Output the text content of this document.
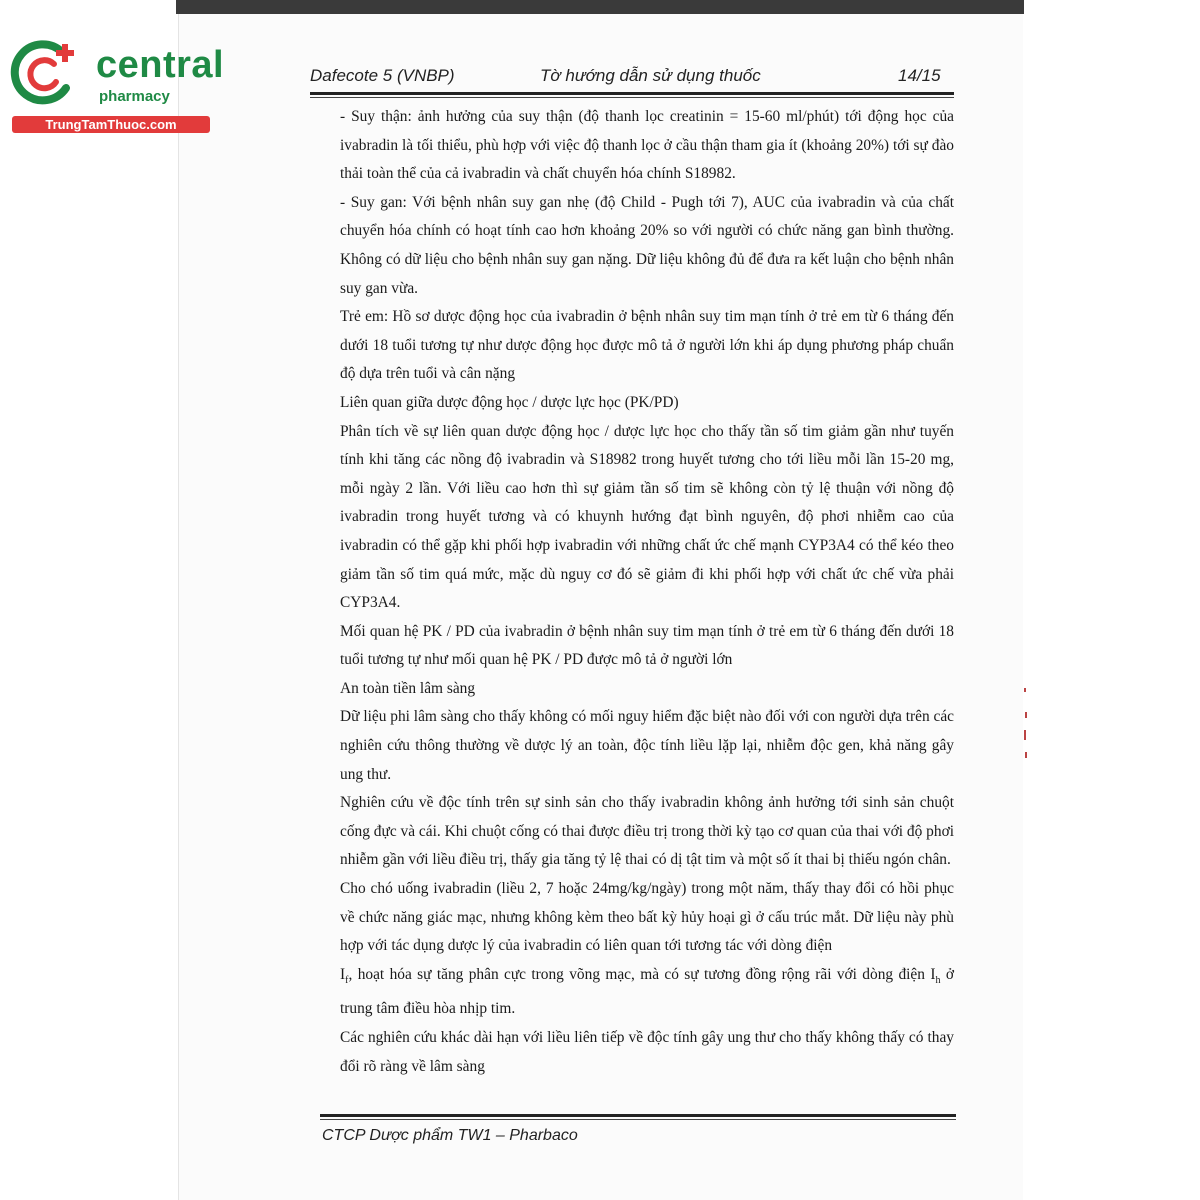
central
pharmacy
TrungTamThuoc.com
Dafecote 5 (VNBP)	Tờ hướng dẫn sử dụng thuốc	14/15

- Suy thận: ảnh hưởng của suy thận (độ thanh lọc creatinin = 15-60 ml/phút) tới động học của ivabradin là tối thiểu, phù hợp với việc độ thanh lọc ở cầu thận tham gia ít (khoảng 20%) tới sự đào thải toàn thể của cả ivabradin và chất chuyển hóa chính S18982.

- Suy gan: Với bệnh nhân suy gan nhẹ (độ Child - Pugh tới 7), AUC của ivabradin và của chất chuyển hóa chính có hoạt tính cao hơn khoảng 20% so với người có chức năng gan bình thường. Không có dữ liệu cho bệnh nhân suy gan nặng. Dữ liệu không đủ để đưa ra kết luận cho bệnh nhân suy gan vừa.

Trẻ em: Hồ sơ dược động học của ivabradin ở bệnh nhân suy tim mạn tính ở trẻ em từ 6 tháng đến dưới 18 tuổi tương tự như dược động học được mô tả ở người lớn khi áp dụng phương pháp chuẩn độ dựa trên tuổi và cân nặng

Liên quan giữa dược động học / dược lực học (PK/PD)

Phân tích về sự liên quan dược động học / dược lực học cho thấy tần số tim giảm gần như tuyến tính khi tăng các nồng độ ivabradin và S18982 trong huyết tương cho tới liều mỗi lần 15-20 mg, mỗi ngày 2 lần. Với liều cao hơn thì sự giảm tần số tim sẽ không còn tỷ lệ thuận với nồng độ ivabradin trong huyết tương và có khuynh hướng đạt bình nguyên, độ phơi nhiễm cao của ivabradin có thể gặp khi phối hợp ivabradin với những chất ức chế mạnh CYP3A4 có thể kéo theo giảm tần số tim quá mức, mặc dù nguy cơ đó sẽ giảm đi khi phối hợp với chất ức chế vừa phải CYP3A4.

Mối quan hệ PK / PD của ivabradin ở bệnh nhân suy tim mạn tính ở trẻ em từ 6 tháng đến dưới 18 tuổi tương tự như mối quan hệ PK / PD được mô tả ở người lớn

An toàn tiền lâm sàng

Dữ liệu phi lâm sàng cho thấy không có mối nguy hiểm đặc biệt nào đối với con người dựa trên các nghiên cứu thông thường về dược lý an toàn, độc tính liều lặp lại, nhiễm độc gen, khả năng gây ung thư.

Nghiên cứu về độc tính trên sự sinh sản cho thấy ivabradin không ảnh hưởng tới sinh sản chuột cống đực và cái. Khi chuột cống có thai được điều trị trong thời kỳ tạo cơ quan của thai với độ phơi nhiễm gần với liều điều trị, thấy gia tăng tỷ lệ thai có dị tật tim và một số ít thai bị thiếu ngón chân.

Cho chó uống ivabradin (liều 2, 7 hoặc 24mg/kg/ngày) trong một năm, thấy thay đổi có hồi phục về chức năng giác mạc, nhưng không kèm theo bất kỳ hủy hoại gì ở cấu trúc mắt. Dữ liệu này phù hợp với tác dụng dược lý của ivabradin có liên quan tới tương tác với dòng điện

$I_f$, hoạt hóa sự tăng phân cực trong võng mạc, mà có sự tương đồng rộng rãi với dòng điện $I_h$ ở trung tâm điều hòa nhịp tim.

Các nghiên cứu khác dài hạn với liều liên tiếp về độc tính gây ung thư cho thấy không thấy có thay đổi rõ ràng về lâm sàng

CTCP Dược phẩm TW1 – Pharbaco
